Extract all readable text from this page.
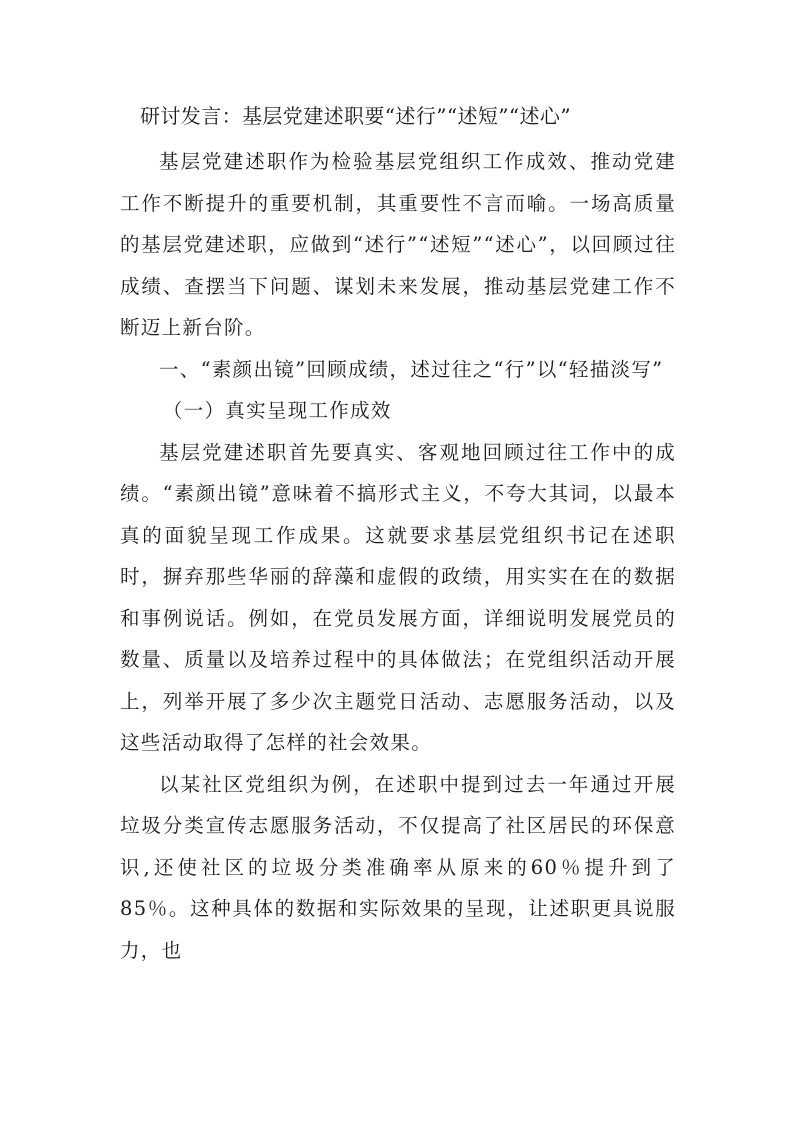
研讨发言：基层党建述职要“述行”“述短”“述心”

基层党建述职作为检验基层党组织工作成效、推动党建工作不断提升的重要机制，其重要性不言而喻。一场高质量的基层党建述职，应做到“述行”“述短”“述心”，以回顾过往成绩、查摆当下问题、谋划未来发展，推动基层党建工作不断迈上新台阶。

一、“素颜出镜”回顾成绩，述过往之“行”以“轻描淡写”

（一）真实呈现工作成效

基层党建述职首先要真实、客观地回顾过往工作中的成绩。“素颜出镜”意味着不搞形式主义，不夸大其词，以最本真的面貌呈现工作成果。这就要求基层党组织书记在述职时，摒弃那些华丽的辞藻和虚假的政绩，用实实在在的数据和事例说话。例如，在党员发展方面，详细说明发展党员的数量、质量以及培养过程中的具体做法；在党组织活动开展上，列举开展了多少次主题党日活动、志愿服务活动，以及这些活动取得了怎样的社会效果。

以某社区党组织为例，在述职中提到过去一年通过开展垃圾分类宣传志愿服务活动，不仅提高了社区居民的环保意识,还使社区的垃圾分类准确率从原来的60％提升到了85％。这种具体的数据和实际效果的呈现，让述职更具说服力，也
